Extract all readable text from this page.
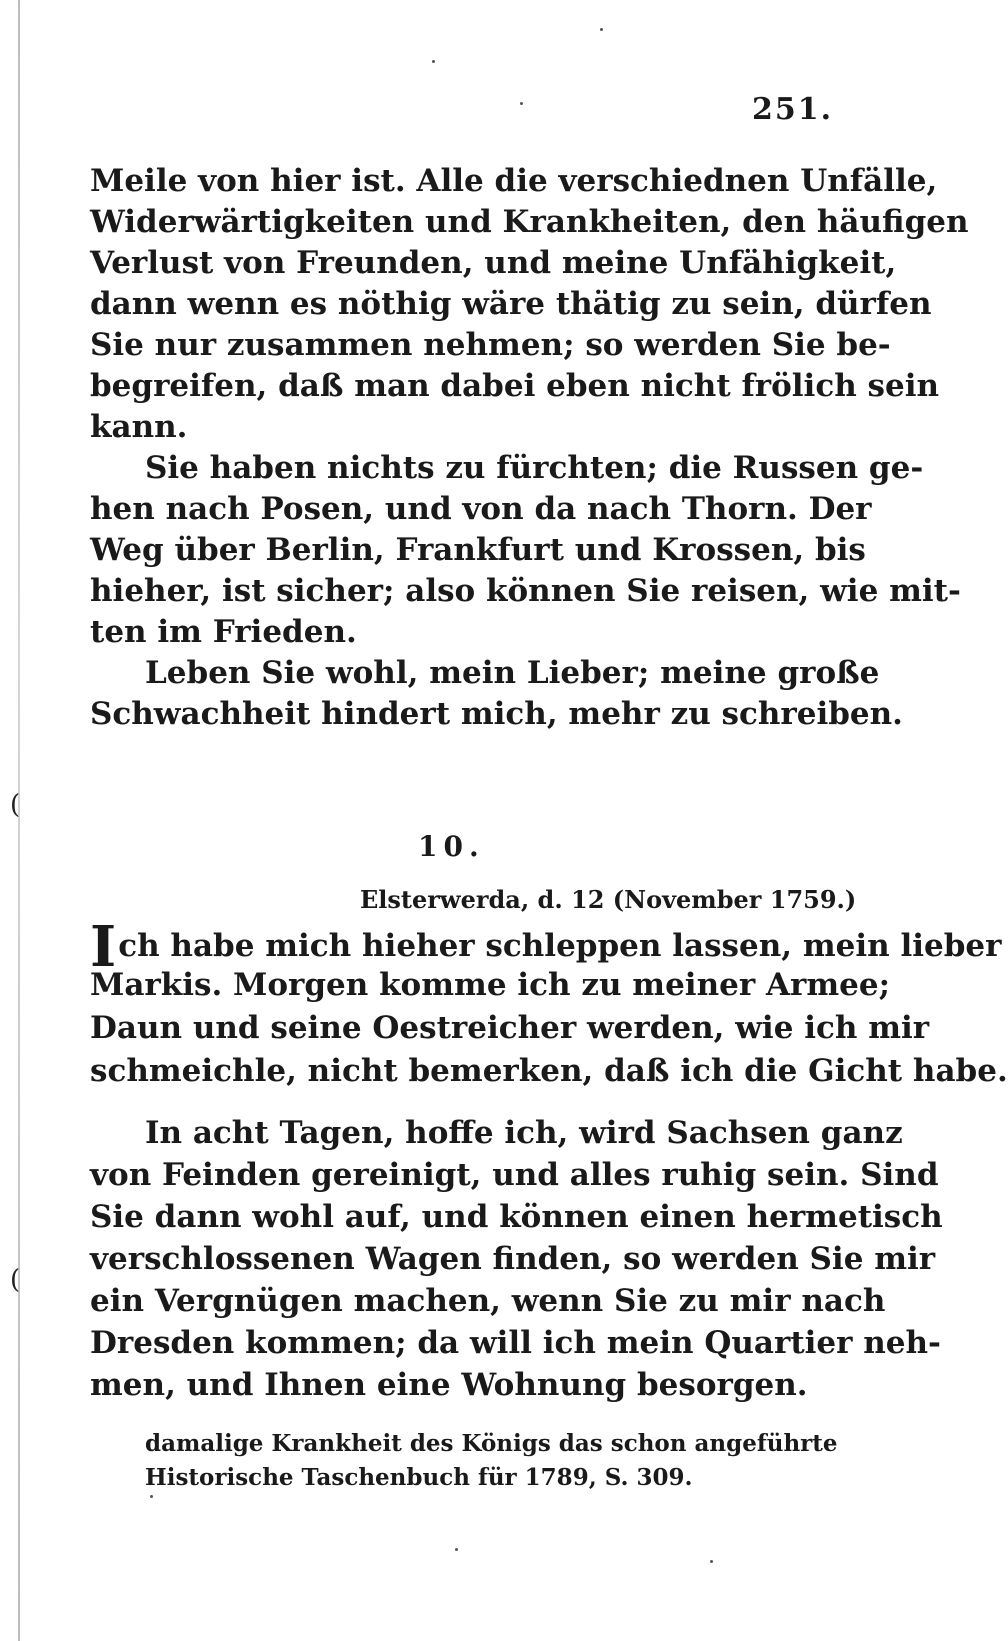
(
(
251.
Meile von hier ist. Alle die verschiednen Unfälle,
Widerwärtigkeiten und Krankheiten, den häufigen
Verlust von Freunden, und meine Unfähigkeit,
dann wenn es nöthig wäre thätig zu sein, dürfen
Sie nur zusammen nehmen; so werden Sie be-
begreifen, daß man dabei eben nicht frölich sein
kann.
Sie haben nichts zu fürchten; die Russen ge-
hen nach Posen, und von da nach Thorn. Der
Weg über Berlin, Frankfurt und Krossen, bis
hieher, ist sicher; also können Sie reisen, wie mit-
ten im Frieden.
Leben Sie wohl, mein Lieber; meine große
Schwachheit hindert mich, mehr zu schreiben.
10.
Elsterwerda, d. 12 (November 1759.)
Ich habe mich hieher schleppen lassen, mein lieber
Markis. Morgen komme ich zu meiner Armee;
Daun und seine Oestreicher werden, wie ich mir
schmeichle, nicht bemerken, daß ich die Gicht habe.
In acht Tagen, hoffe ich, wird Sachsen ganz
von Feinden gereinigt, und alles ruhig sein. Sind
Sie dann wohl auf, und können einen hermetisch
verschlossenen Wagen finden, so werden Sie mir
ein Vergnügen machen, wenn Sie zu mir nach
Dresden kommen; da will ich mein Quartier neh-
men, und Ihnen eine Wohnung besorgen.
damalige Krankheit des Königs das schon angeführte
Historische Taschenbuch für 1789, S. 309.
